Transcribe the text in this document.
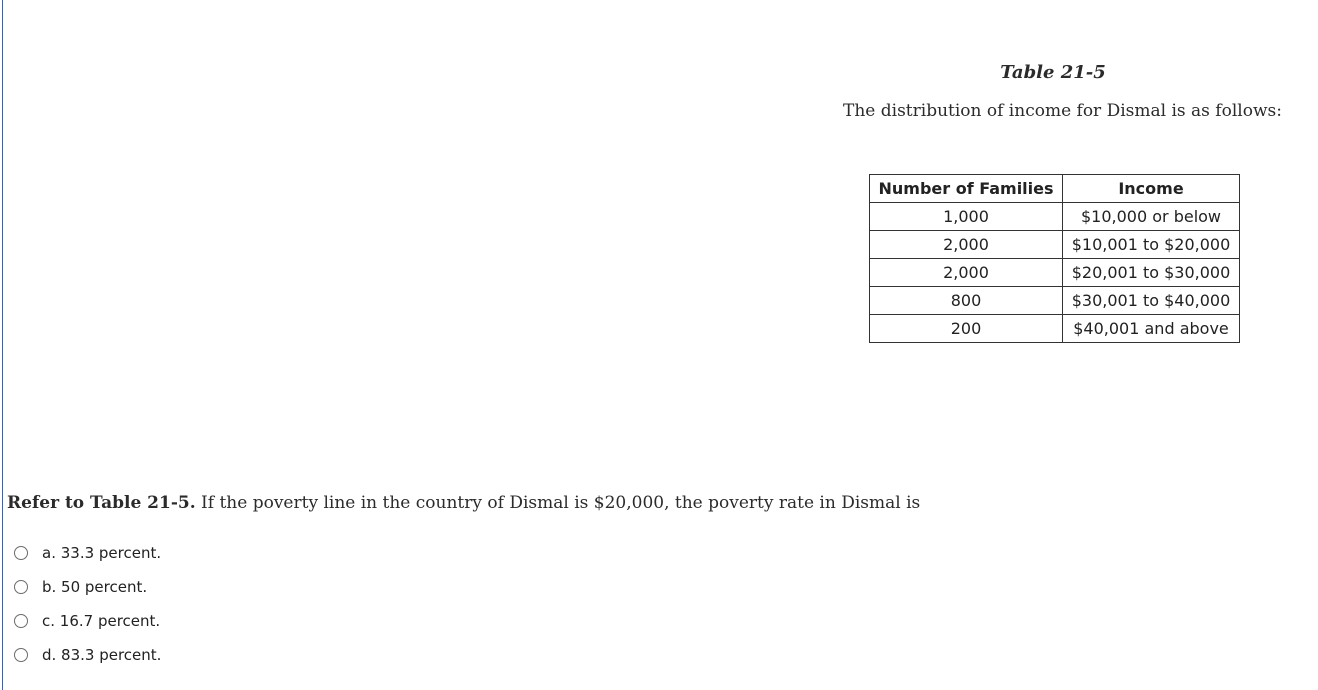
Table 21-5
The distribution of income for Dismal is as follows:
Number of Families	Income
1,000	$10,000 or below
2,000	$10,001 to $20,000
2,000	$20,001 to $30,000
800	$30,001 to $40,000
200	$40,001 and above
Refer to Table 21-5. If the poverty line in the country of Dismal is $20,000, the poverty rate in Dismal is
a. 33.3 percent.
b. 50 percent.
c. 16.7 percent.
d. 83.3 percent.
